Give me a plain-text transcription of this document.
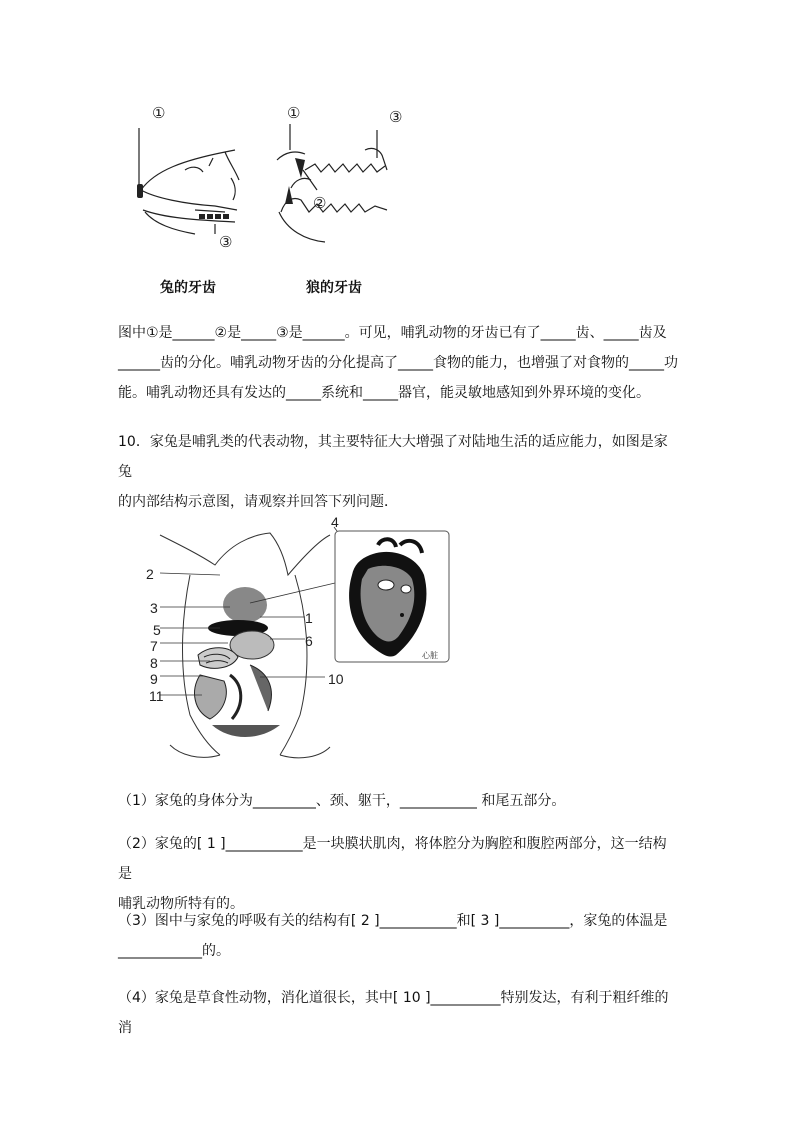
①
③
①	③
②
兔的牙齿	狼的牙齿
图中①是______②是_____③是______。可见，哺乳动物的牙齿已有了_____齿、_____齿及
______齿的分化。哺乳动物牙齿的分化提高了_____食物的能力，也增强了对食物的_____功
能。哺乳动物还具有发达的_____系统和_____器官，能灵敏地感知到外界环境的变化。
10．家兔是哺乳类的代表动物，其主要特征大大增强了对陆地生活的适应能力，如图是家兔
的内部结构示意图，请观察并回答下列问题．
4
2
3
1
5
6
7
8
9	10
11
心脏
（1）家兔的身体分为_________、颈、躯干，___________ 和尾五部分。
（2）家兔的[ 1 ]___________是一块膜状肌肉，将体腔分为胸腔和腹腔两部分，这一结构是
哺乳动物所特有的。
（3）图中与家兔的呼吸有关的结构有[ 2 ]___________和[ 3 ]__________，家兔的体温是
____________的。
（4）家兔是草食性动物，消化道很长，其中[ 10 ]__________特别发达，有利于粗纤维的消
